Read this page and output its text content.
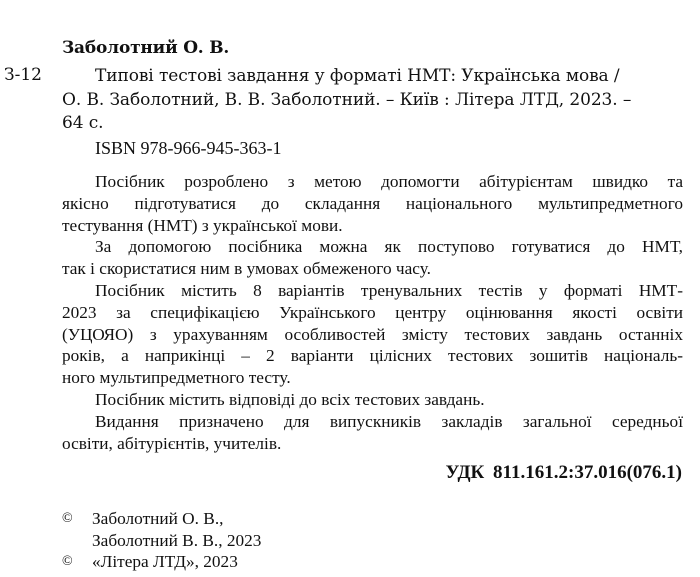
Заболотний О. В.
З-12	Типові тестові завдання у форматі НМТ: Українська мова /
О. В. Заболотний, В. В. Заболотний. – Київ : Літера ЛТД, 2023. –
64 с.
ISBN 978-966-945-363-1
Посібник розроблено з метою допомогти абітурієнтам швидко та
якісно підготуватися до складання національного мультипредметного
тестування (НМТ) з української мови.
За допомогою посібника можна як поступово готуватися до НМТ,
так і скористатися ним в умовах обмеженого часу.
Посібник містить 8 варіантів тренувальних тестів у форматі НМТ-
2023 за специфікацією Українського центру оцінювання якості освіти
(УЦОЯО) з урахуванням особливостей змісту тестових завдань останніх
років, а наприкінці – 2 варіанти цілісних тестових зошитів національ-
ного мультипредметного тесту.
Посібник містить відповіді до всіх тестових завдань.
Видання призначено для випускників закладів загальної середньої
освіти, абітурієнтів, учителів.
УДК 811.161.2:37.016(076.1)
©	Заболотний О. В.,
Заболотний В. В., 2023
©	«Літера ЛТД», 2023
